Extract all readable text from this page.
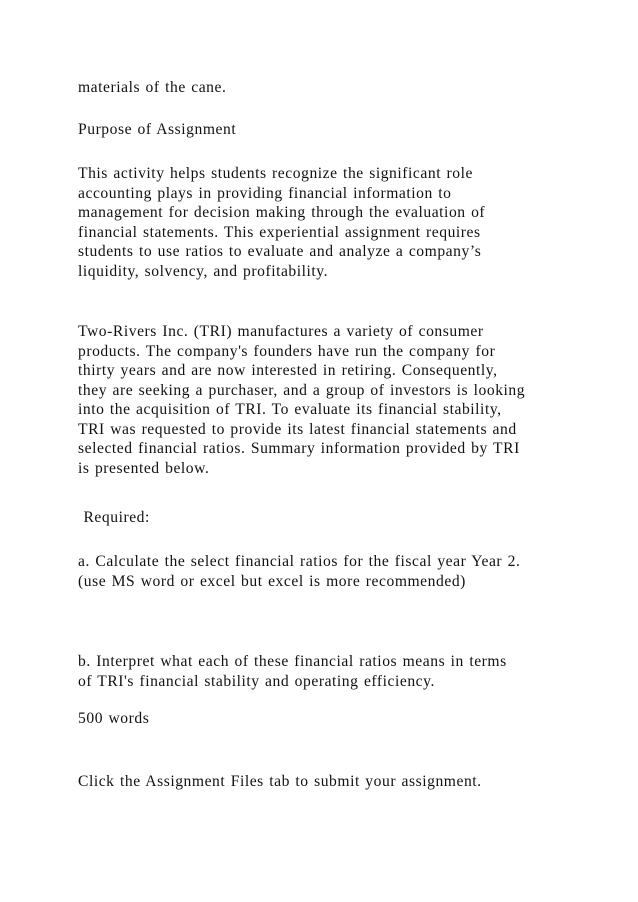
materials of the cane.
Purpose of Assignment
This activity helps students recognize the significant role
accounting plays in providing financial information to
management for decision making through the evaluation of
financial statements. This experiential assignment requires
students to use ratios to evaluate and analyze a company’s
liquidity, solvency, and profitability.
Two-Rivers Inc. (TRI) manufactures a variety of consumer
products. The company's founders have run the company for
thirty years and are now interested in retiring. Consequently,
they are seeking a purchaser, and a group of investors is looking
into the acquisition of TRI. To evaluate its financial stability,
TRI was requested to provide its latest financial statements and
selected financial ratios. Summary information provided by TRI
is presented below.
Required:
a. Calculate the select financial ratios for the fiscal year Year 2.
(use MS word or excel but excel is more recommended)
b. Interpret what each of these financial ratios means in terms
of TRI's financial stability and operating efficiency.
500 words
Click the Assignment Files tab to submit your assignment.
